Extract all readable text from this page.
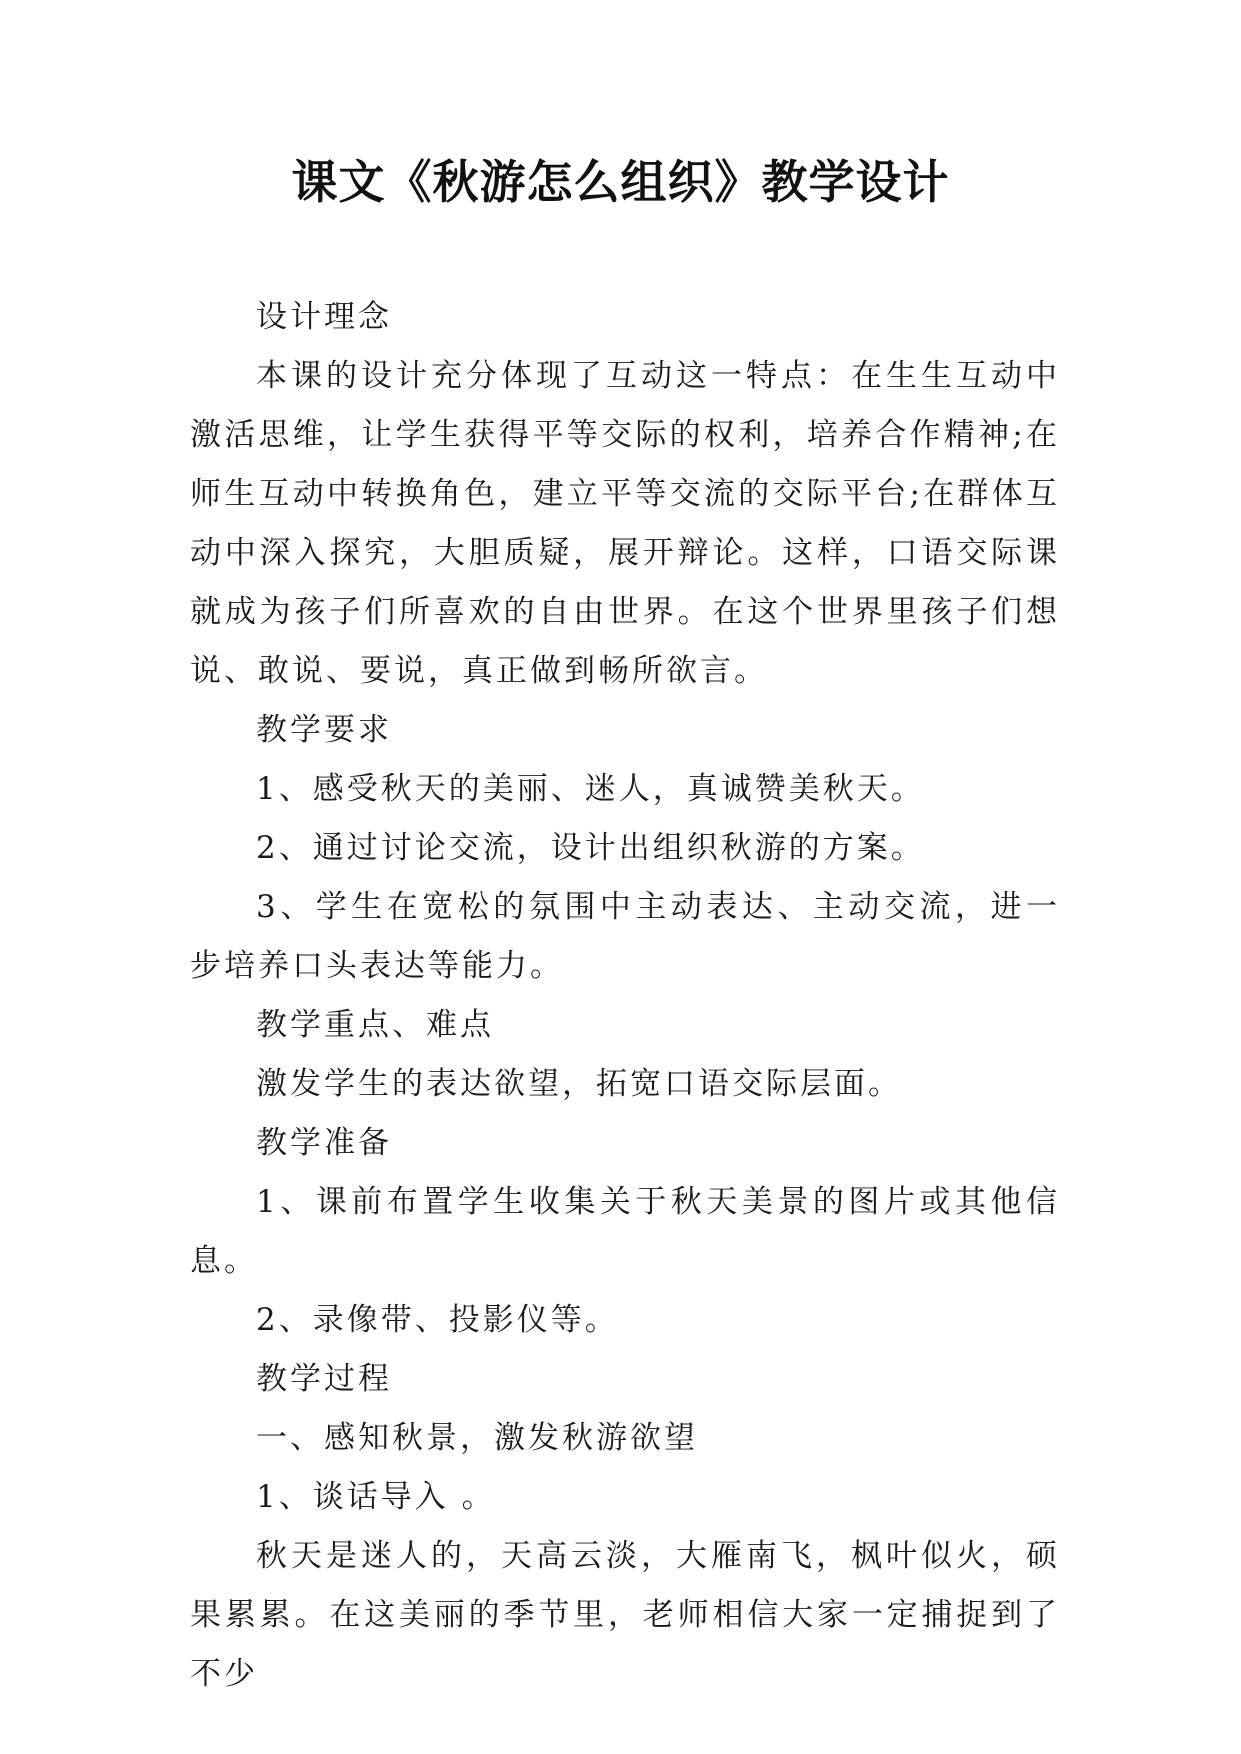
课文《秋游怎么组织》教学设计

设计理念

本课的设计充分体现了互动这一特点：在生生互动中激活思维，让学生获得平等交际的权利，培养合作精神;在师生互动中转换角色，建立平等交流的交际平台;在群体互动中深入探究，大胆质疑，展开辩论。这样，口语交际课就成为孩子们所喜欢的自由世界。在这个世界里孩子们想说、敢说、要说，真正做到畅所欲言。

教学要求

1、感受秋天的美丽、迷人，真诚赞美秋天。

2、通过讨论交流，设计出组织秋游的方案。

3、学生在宽松的氛围中主动表达、主动交流，进一步培养口头表达等能力。

教学重点、难点

激发学生的表达欲望，拓宽口语交际层面。

教学准备

1、课前布置学生收集关于秋天美景的图片或其他信息。

2、录像带、投影仪等。

教学过程

一、感知秋景，激发秋游欲望

1、谈话导入 。

秋天是迷人的，天高云淡，大雁南飞，枫叶似火，硕果累累。在这美丽的季节里，老师相信大家一定捕捉到了不少
